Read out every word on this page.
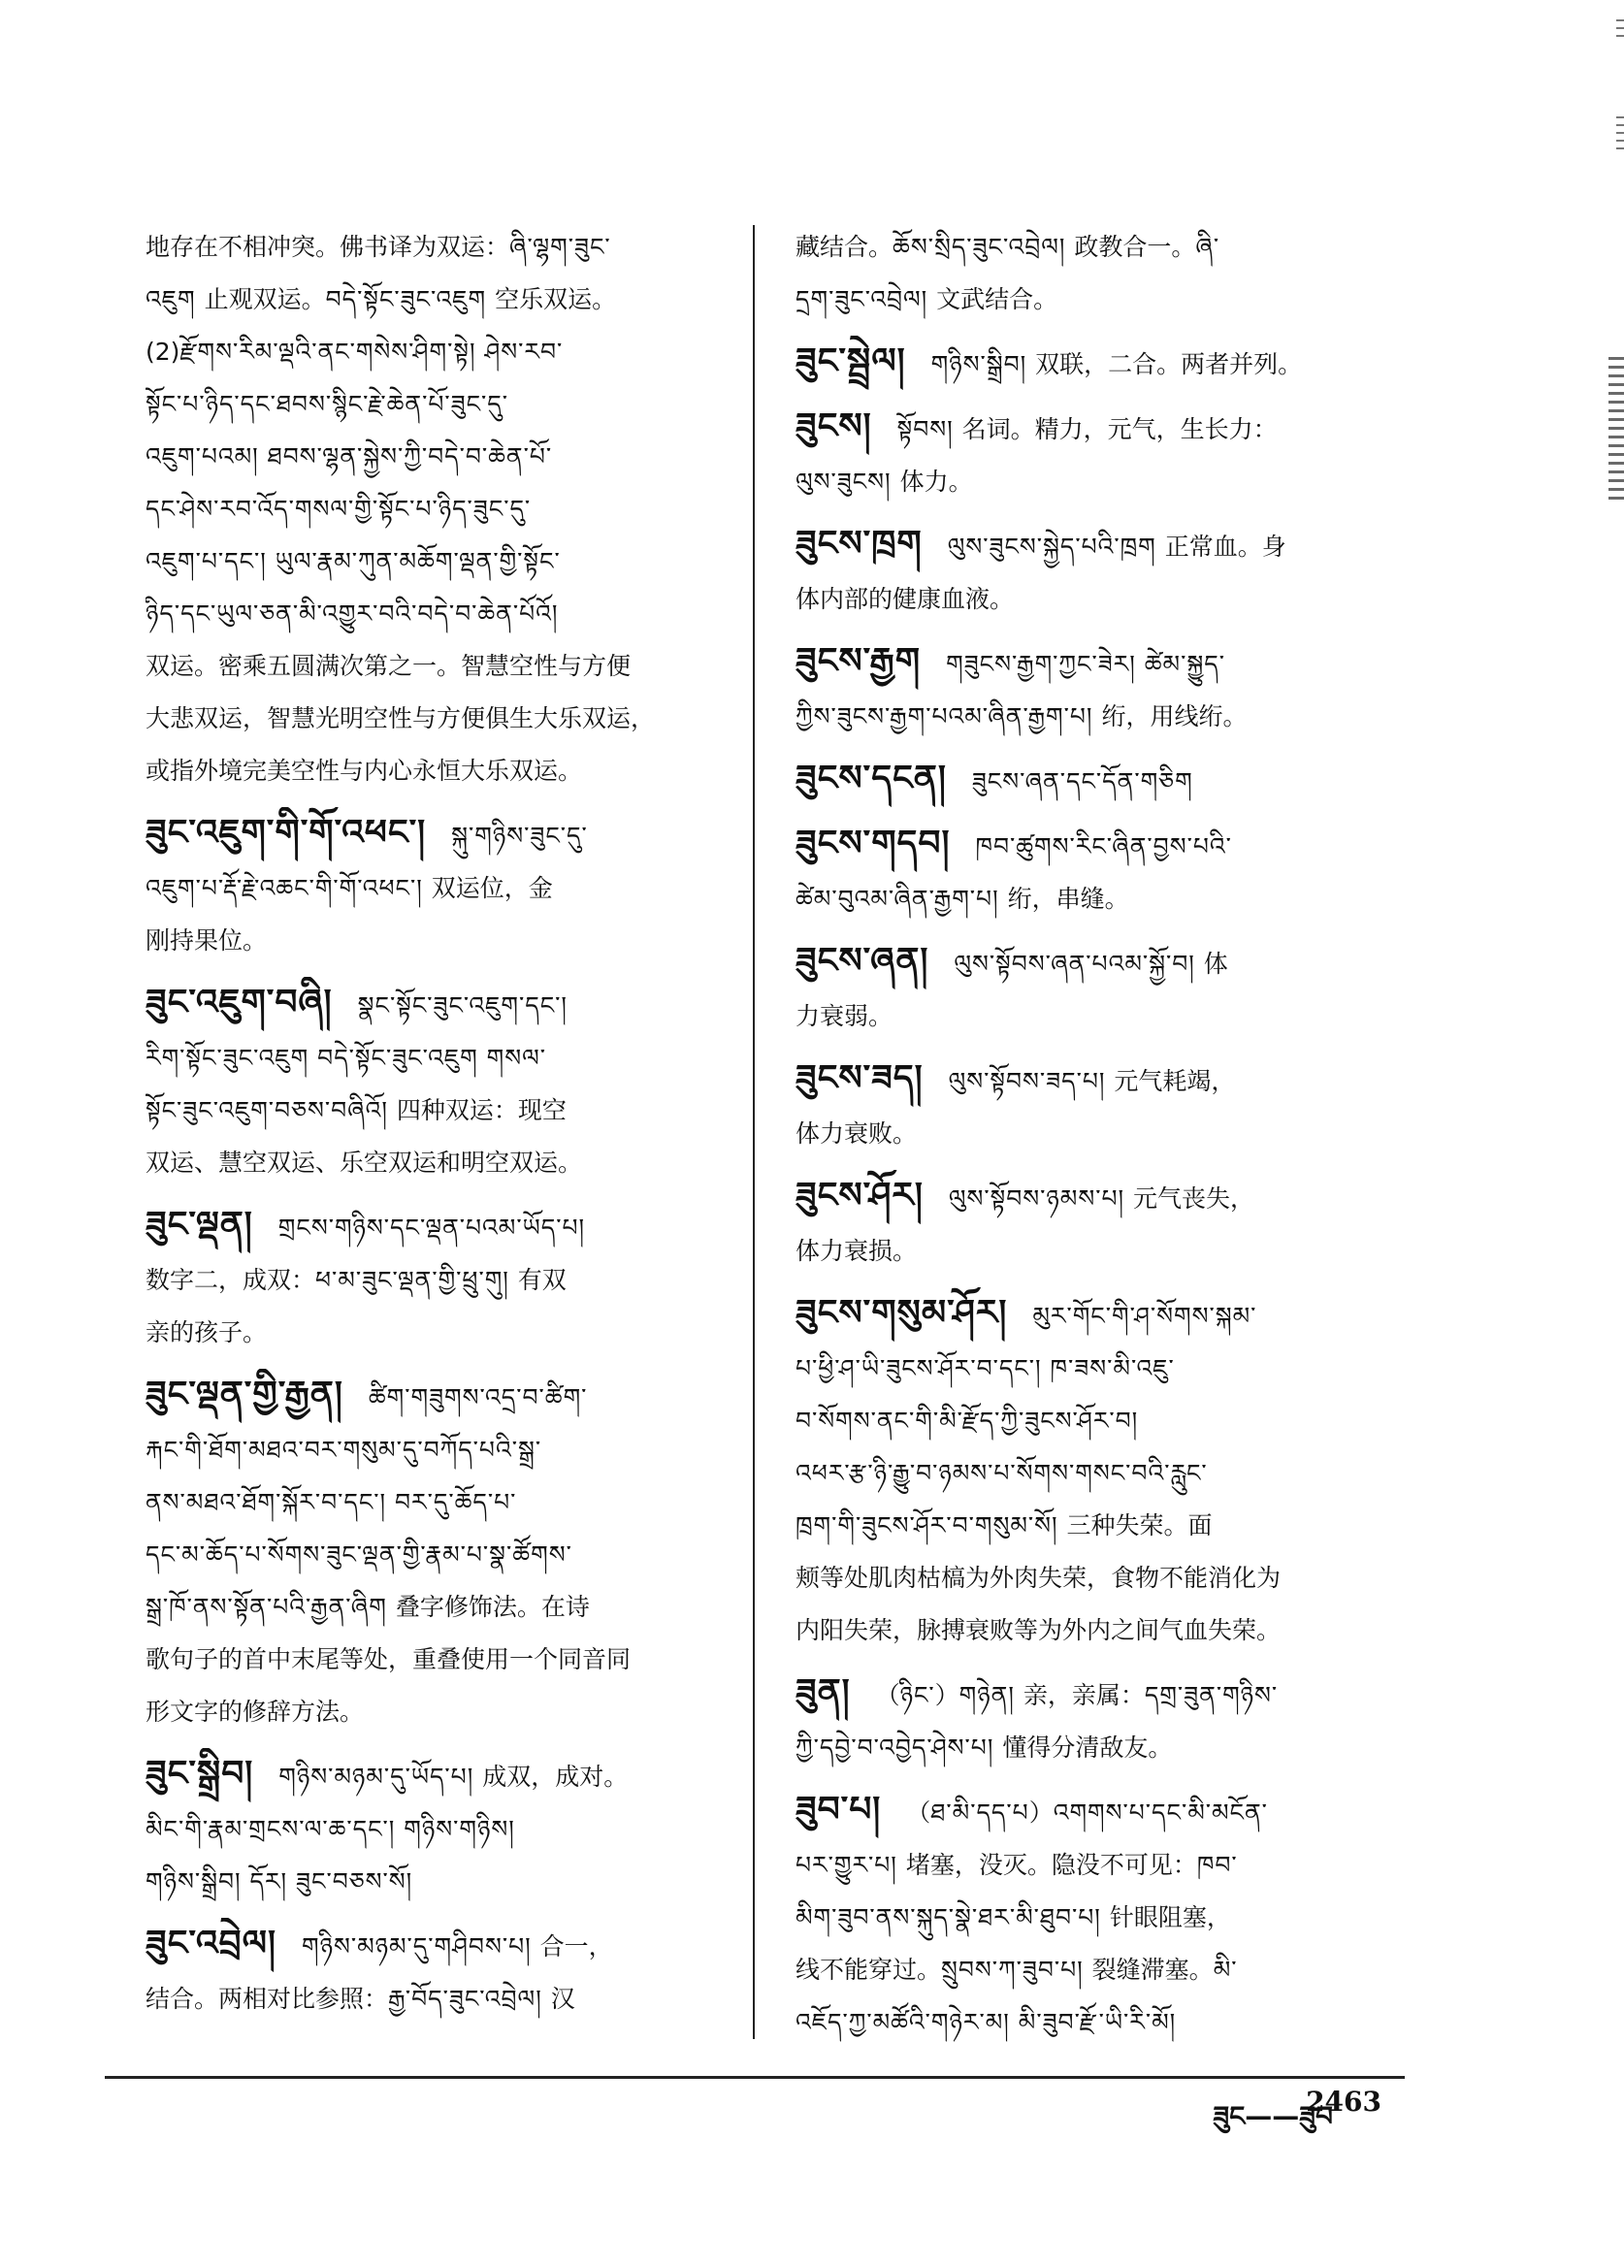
地存在不相冲突。佛书译为双运：ཞི་ལྷག་ཟུང་
འཇུག 止观双运。བདེ་སྟོང་ཟུང་འཇུག 空乐双运。
(2)རྫོགས་རིམ་ལྡའི་ནང་གསེས་ཤིག་སྟེ། ཤེས་རབ་
སྟོང་པ་ཉིད་དང་ཐབས་སྙིང་རྗེ་ཆེན་པོ་ཟུང་དུ་
འཇུག་པའམ། ཐབས་ལྷན་སྐྱེས་ཀྱི་བདེ་བ་ཆེན་པོ་
དང་ཤེས་རབ་འོད་གསལ་གྱི་སྟོང་པ་ཉིད་ཟུང་དུ་
འཇུག་པ་དང་། ཡུལ་རྣམ་ཀུན་མཆོག་ལྡན་གྱི་སྟོང་
ཉིད་དང་ཡུལ་ཅན་མི་འགྱུར་བའི་བདེ་བ་ཆེན་པོའོ།
双运。密乘五圆满次第之一。智慧空性与方便
大悲双运，智慧光明空性与方便俱生大乐双运，
或指外境完美空性与内心永恒大乐双运。
ཟུང་འཇུག་གི་གོ་འཕང་། སྐུ་གཉིས་ཟུང་དུ་
འཇུག་པ་རྡོ་རྗེ་འཆང་གི་གོ་འཕང་། 双运位，金
刚持果位。
ཟུང་འཇུག་བཞི། སྣང་སྟོང་ཟུང་འཇུག་དང་།
རིག་སྟོང་ཟུང་འཇུག བདེ་སྟོང་ཟུང་འཇུག གསལ་
སྟོང་ཟུང་འཇུག་བཅས་བཞིའོ། 四种双运：现空
双运、慧空双运、乐空双运和明空双运。
ཟུང་ལྡན། གྲངས་གཉིས་དང་ལྡན་པའམ་ཡོད་པ།
数字二，成双：ཕ་མ་ཟུང་ལྡན་གྱི་ཕྲུ་གུ། 有双
亲的孩子。
ཟུང་ལྡན་གྱི་རྒྱན། ཚིག་གཟུགས་འདྲ་བ་ཚིག་
རྐང་གི་ཐོག་མཐའ་བར་གསུམ་དུ་བཀོད་པའི་སྒྲ་
ནས་མཐའ་ཐོག་སྐོར་བ་དང་། བར་དུ་ཆོད་པ་
དང་མ་ཆོད་པ་སོགས་ཟུང་ལྡན་གྱི་རྣམ་པ་སྣ་ཚོགས་
སྒྲ་ཁོ་ནས་སྟོན་པའི་རྒྱན་ཞིག 叠字修饰法。在诗
歌句子的首中末尾等处，重叠使用一个同音同
形文字的修辞方法。
ཟུང་སྒྲིབ། གཉིས་མཉམ་དུ་ཡོད་པ། 成双，成对。
མིང་གི་རྣམ་གྲངས་ལ་ཆ་དང་། གཉིས་གཉིས།
གཉིས་སྒྲིབ། དོར། ཟུང་བཅས་སོ།
ཟུང་འབྲེལ། གཉིས་མཉམ་དུ་གཤིབས་པ། 合一，
结合。两相对比参照：རྒྱ་བོད་ཟུང་འབྲེལ། 汉
藏结合。ཆོས་སྲིད་ཟུང་འབྲེལ། 政教合一。ཞི་
དྲག་ཟུང་འབྲེལ། 文武结合。
ཟུང་སྦྲེལ། གཉིས་སྒྲིབ། 双联，二合。两者并列。
ཟུངས། སྟོབས། 名词。精力，元气，生长力：
ལུས་ཟུངས། 体力。
ཟུངས་ཁྲག ལུས་ཟུངས་སྐྱེད་པའི་ཁྲག 正常血。身
体内部的健康血液。
ཟུངས་རྒྱག གཟུངས་རྒྱག་ཀྱང་ཟེར། ཚེམ་སྐྱུད་
ཀྱིས་ཟུངས་རྒྱག་པའམ་ཞིན་རྒྱག་པ། 绗，用线绗。
ཟུངས་དངན། ཟུངས་ཞན་དང་དོན་གཅིག
ཟུངས་གདབ། ཁབ་ཚུགས་རིང་ཞིན་བྱས་པའི་
ཚེམ་བུའམ་ཞིན་རྒྱག་པ། 绗，串缝。
ཟུངས་ཞན། ལུས་སྟོབས་ཞན་པའམ་སྐྱོ་བ། 体
力衰弱。
ཟུངས་ཟད། ལུས་སྟོབས་ཟད་པ། 元气耗竭，
体力衰败。
ཟུངས་ཤོར། ལུས་སྟོབས་ཉམས་པ། 元气丧失，
体力衰损。
ཟུངས་གསུམ་ཤོར། མུར་གོང་གི་ཤ་སོགས་སྐམ་
པ་ཕྱི་ཤ་ཡི་ཟུངས་ཤོར་བ་དང་། ཁ་ཟས་མི་འཇུ་
བ་སོགས་ནང་གི་མི་རྫོད་ཀྱི་ཟུངས་ཤོར་བ།
འཕར་རྩ་ཉི་རྒྱུ་བ་ཉམས་པ་སོགས་གསང་བའི་རླུང་
ཁྲག་གི་ཟུངས་ཤོར་བ་གསུམ་སོ། 三种失荣。面
颊等处肌肉枯槁为外肉失荣，食物不能消化为
内阳失荣，脉搏衰败等为外内之间气血失荣。
ཟུན། （ཉིང་）གཉེན། 亲，亲属：དགྲ་ཟུན་གཉིས་
ཀྱི་དབྱེ་བ་འབྱེད་ཤེས་པ། 懂得分清敌友。
ཟུབ་པ། （ཐ་མི་དད་པ）འགགས་པ་དང་མི་མངོན་
པར་གྱུར་པ། 堵塞，没灭。隐没不可见：ཁབ་
མིག་ཟུབ་ནས་སྐུད་སྣེ་ཐར་མི་ཐུབ་པ། 针眼阻塞，
线不能穿过。སྲུབས་ཀ་ཟུབ་པ། 裂缝滞塞。མི་
འཇོད་ཀྱ་མཚོའི་གཉེར་མ། མི་ཟུབ་རྫོ་ཡི་རི་མོ།
ཟུང——ཟུབ
2463
